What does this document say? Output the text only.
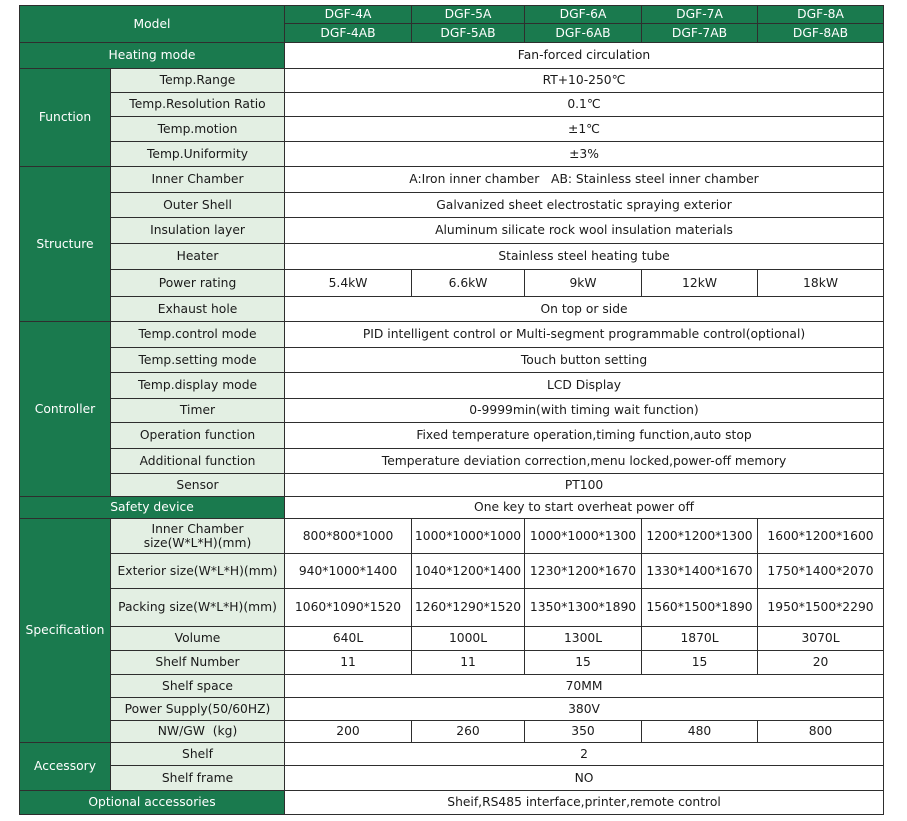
Model		DGF-4A	DGF-5A	DGF-6A	DGF-7A	DGF-8A
		DGF-4AB	DGF-5AB	DGF-6AB	DGF-7AB	DGF-8AB
Heating mode		Fan-forced circulation				
Function	Temp.Range	RT+10-250℃				
	Temp.Resolution Ratio	0.1℃				
	Temp.motion	±1℃				
	Temp.Uniformity	±3%				
Structure	Inner Chamber	A:Iron inner chamber   AB: Stainless steel inner chamber				
	Outer Shell	Galvanized sheet electrostatic spraying exterior				
	Insulation layer	Aluminum silicate rock wool insulation materials				
	Heater	Stainless steel heating tube				
	Power rating	5.4kW	6.6kW	9kW	12kW	18kW
	Exhaust hole	On top or side				
Controller	Temp.control mode	PID intelligent control or Multi-segment programmable control(optional)				
	Temp.setting mode	Touch button setting				
	Temp.display mode	LCD Display				
	Timer	0-9999min(with timing wait function)				
	Operation function	Fixed temperature operation,timing function,auto stop				
	Additional function	Temperature deviation correction,menu locked,power-off memory				
	Sensor	PT100				
Safety device		One key to start overheat power off				
Specification	Inner Chamber size(W*L*H)(mm)	800*800*1000	1000*1000*1000	1000*1000*1300	1200*1200*1300	1600*1200*1600
	Exterior size(W*L*H)(mm)	940*1000*1400	1040*1200*1400	1230*1200*1670	1330*1400*1670	1750*1400*2070
	Packing size(W*L*H)(mm)	1060*1090*1520	1260*1290*1520	1350*1300*1890	1560*1500*1890	1950*1500*2290
	Volume	640L	1000L	1300L	1870L	3070L
	Shelf Number	11	11	15	15	20
	Shelf space	70MM				
	Power Supply(50/60HZ)	380V				
	NW/GW  (kg)	200	260	350	480	800
Accessory	Shelf	2				
	Shelf frame	NO				
Optional accessories		Sheif,RS485 interface,printer,remote control				
